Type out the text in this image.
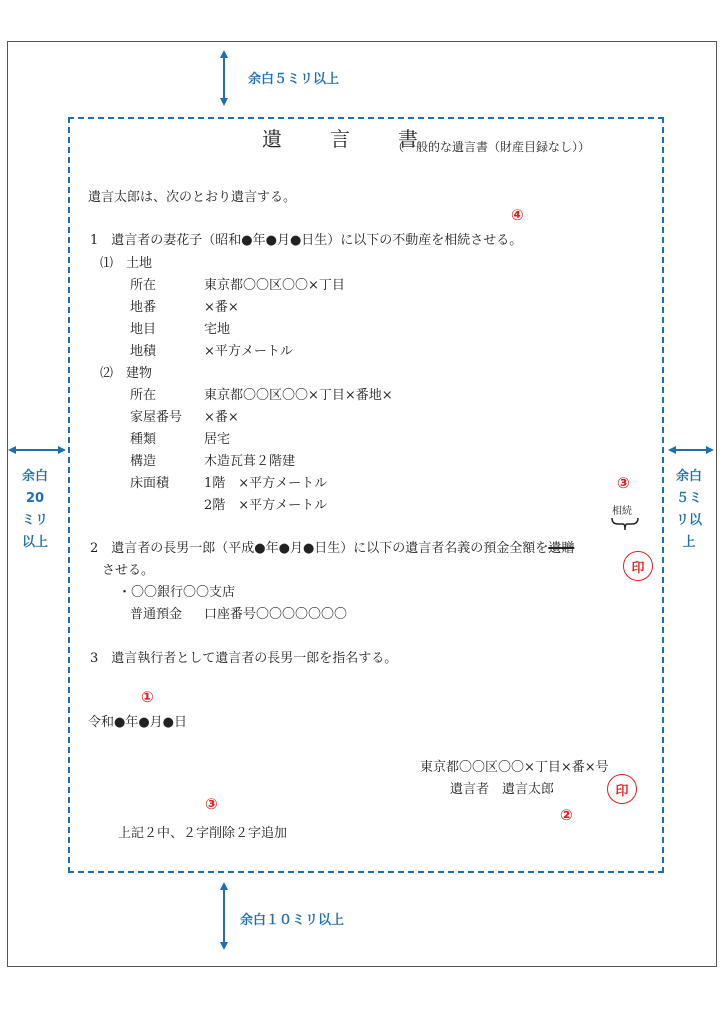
余白５ミリ以上
余白１０ミリ以上
余白20ミリ以上
余白５ミリ以上
遺　言　書
（一般的な遺言書（財産目録なし））
遺言太郎は、次のとおり遺言する。
④
1　遺言者の妻花子（昭和●年●月●日生）に以下の不動産を相続させる。
⑴　土地
所在	東京都〇〇区〇〇×丁目
地番	×番×
地目	宅地
地積	×平方メートル
⑵　建物
所在	東京都〇〇区〇〇×丁目×番地×
家屋番号 ×番×
種類	居宅
構造	木造瓦葺２階建
床面積	1階　×平方メートル
2階　×平方メートル
③
相続
2　遺言者の長男一郎（平成●年●月●日生）に以下の遺言者名義の預金全額を遺贈
させる。	印
・〇〇銀行〇〇支店
普通預金 口座番号〇〇〇〇〇〇〇
3　遺言執行者として遺言者の長男一郎を指名する。
①
令和●年●月●日
東京都〇〇区〇〇×丁目×番×号
遺言者　遺言太郎	印
②
③
上記２中、２字削除２字追加
